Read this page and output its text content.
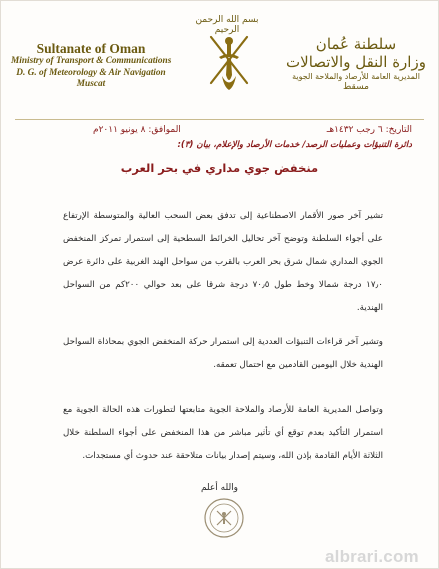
Sultanate of Oman
Ministry of Transport & Communications
D. G. of Meteorology & Air Navigation
Muscat
بسم الله الرحمن الرحيم
سلطنة عُمان
وزارة النقل والاتصالات
المديرية العامة للأرصاد والملاحة الجوية
مسقط
التاريخ: ٦ رجب ١٤٣٢هـ
الموافق: ٨ يونيو ٢٠١١م
دائرة التنبؤات وعمليات الرصد/ خدمات الأرصاد والإعلام، بيان (٣):
منخفض جوي مداري في بحر العرب
تشير آخر صور الأقمار الاصطناعية إلى تدفق بعض السحب العالية والمتوسطة الإرتفاع على أجواء السلطنة وتوضح آخر تحاليل الخرائط السطحية إلى استمرار تمركز المنخفض الجوي المداري شمال شرق بحر العرب بالقرب من سواحل الهند الغربية على دائرة عرض ١٧٫٠ درجة شمالا وخط طول ٧٠٫٥ درجة شرقا على بعد حوالي ٢٠٠كم من السواحل الهندية.
وتشير آخر قراءات التنبؤات العددية إلى استمرار حركة المنخفض الجوي بمحاذاة السواحل الهندية خلال اليومين القادمين مع احتمال تعمقه.
وتواصل المديرية العامة للأرصاد والملاحة الجوية متابعتها لتطورات هذه الحالة الجوية مع استمرار التأكيد بعدم توقع أي تأثير مباشر من هذا المنخفض على أجواء السلطنة خلال الثلاثة الأيام القادمة بإذن الله، وسيتم إصدار بيانات متلاحقة عند حدوث أي مستجدات.
والله أعلم
albrari.com
